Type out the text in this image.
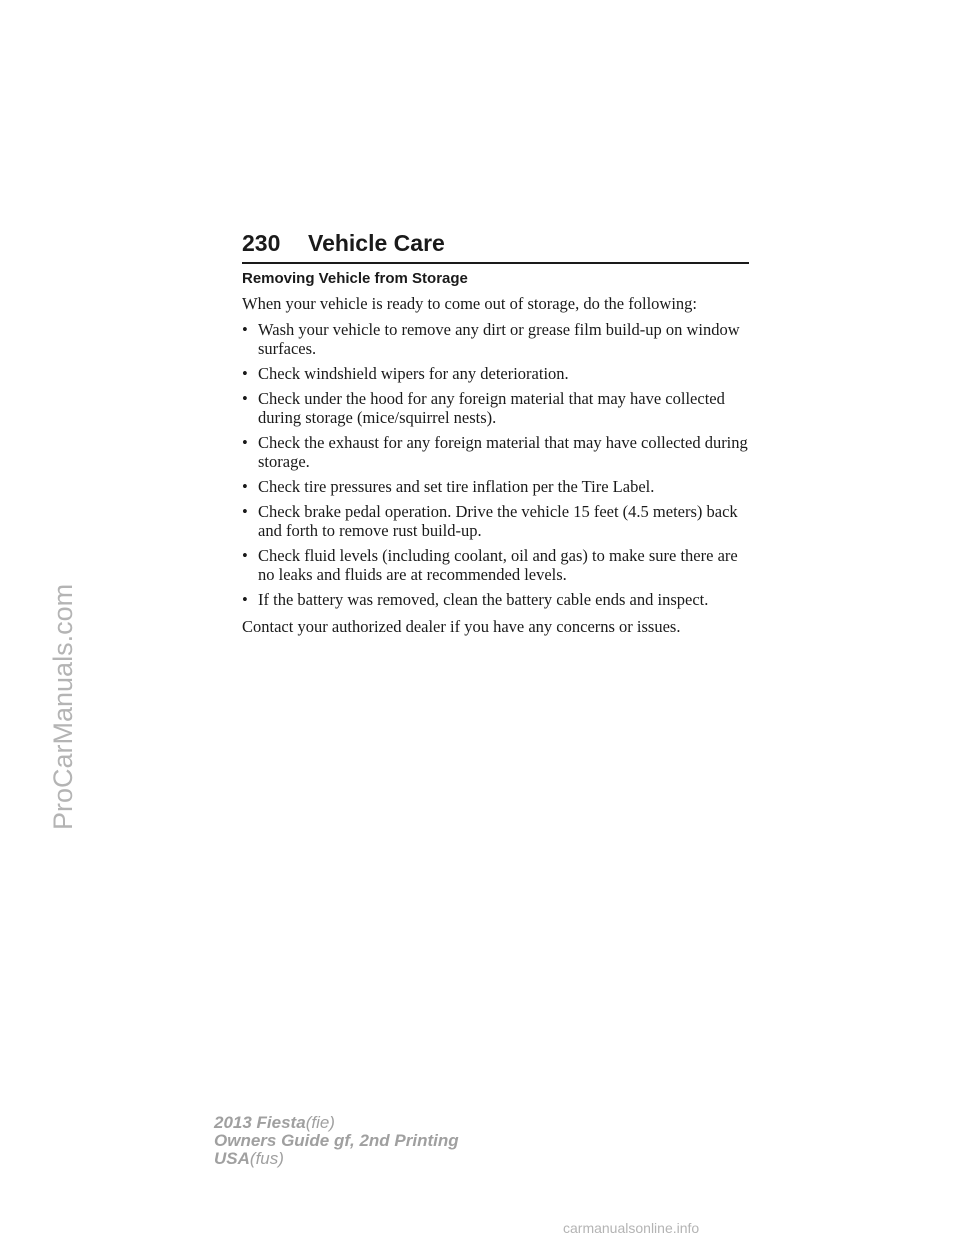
230 Vehicle Care
Removing Vehicle from Storage
When your vehicle is ready to come out of storage, do the following:
• Wash your vehicle to remove any dirt or grease film build-up on window surfaces.
• Check windshield wipers for any deterioration.
• Check under the hood for any foreign material that may have collected during storage (mice/squirrel nests).
• Check the exhaust for any foreign material that may have collected during storage.
• Check tire pressures and set tire inflation per the Tire Label.
• Check brake pedal operation. Drive the vehicle 15 feet (4.5 meters) back and forth to remove rust build-up.
• Check fluid levels (including coolant, oil and gas) to make sure there are no leaks and fluids are at recommended levels.
• If the battery was removed, clean the battery cable ends and inspect.
Contact your authorized dealer if you have any concerns or issues.
ProCarManuals.com
2013 Fiesta(fie)
Owners Guide gf, 2nd Printing
USA(fus)
carmanualsonline.info
